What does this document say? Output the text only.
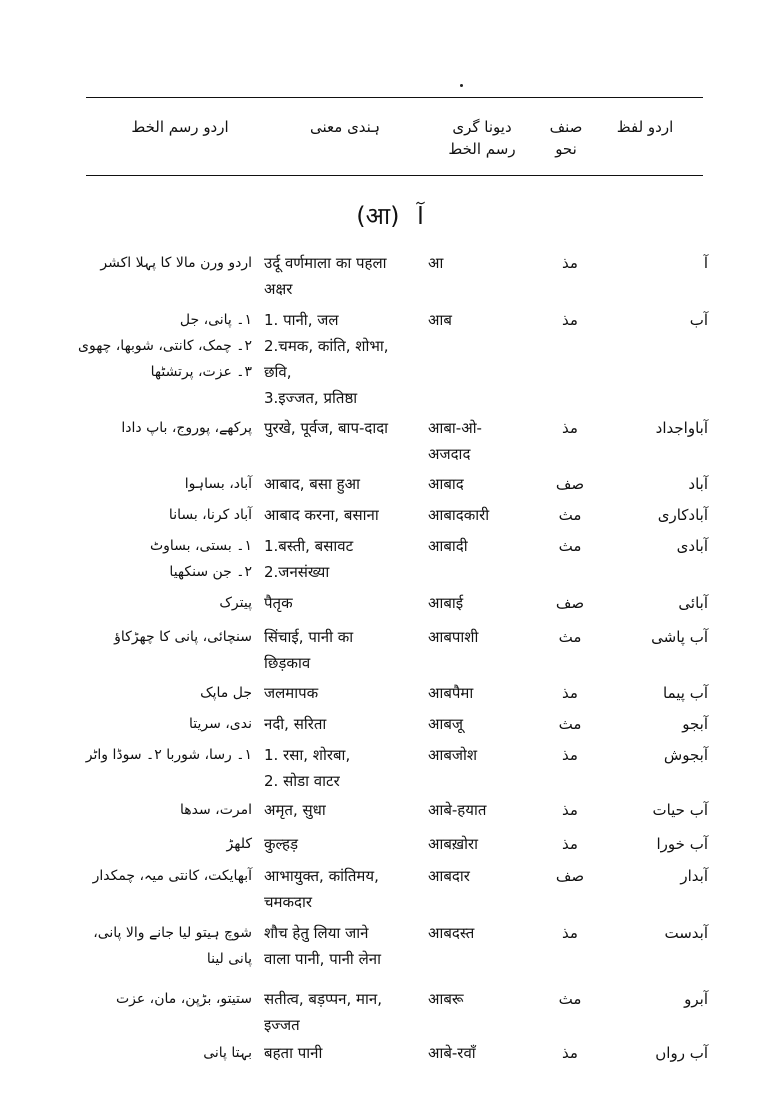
اردو لفظ
صنف
نحو
دیونا گری
رسم الخط
ہندی معنی
اردو رسم الخط
(आ) آ
آ
مذ
आ
उर्दू वर्णमाला का पहला
अक्षर
اردو ورن مالا کا پہلا اکشر
آب
مذ
आब
1. पानी, जल
2.चमक, कांति, शोभा,
छवि,
3.इज्जत, प्रतिष्ठा
۱۔ پانی، جل
۲۔ چمک، کانتی، شوبھا، چھوی
۳۔ عزت، پرتشٹھا
آباواجداد
مذ
आबा-ओ-
अजदाद
पुरखे, पूर्वज, बाप-दादा
پرکھے، پوروج، باپ دادا
آباد
صف
आबाद
आबाद, बसा हुआ
آباد، بساہوا
آبادکاری
مث
आबादकारी
आबाद करना, बसाना
آباد کرنا، بسانا
آبادی
مث
आबादी
1.बस्ती, बसावट
2.जनसंख्या
۱۔ بستی، بساوٹ
۲۔ جن سنکھیا
آبائی
صف
आबाई
पैतृक
پیترک
آب پاشی
مث
आबपाशी
सिंचाई, पानी का
छिड़काव
سنچائی، پانی کا چھڑکاؤ
آب پیما
مذ
आबपैमा
जलमापक
جل ماپک
آبجو
مث
आबजू
नदी, सरिता
ندی، سریتا
آبجوش
مذ
आबजोश
1. रसा, शोरबा,
2. सोडा वाटर
۱۔ رسا، شوربا ۲۔ سوڈا واٹر
آب حیات
مذ
आबे-हयात
अमृत, सुधा
امرت، سدھا
آب خورا
مذ
आबख़ोरा
कुल्हड़
کلھڑ
آبدار
صف
आबदार
आभायुक्त, कांतिमय,
चमकदार
آبھایکت، کانتی میہ، چمکدار
آبدست
مذ
आबदस्त
शौच हेतु लिया जाने
वाला पानी, पानी लेना
شوچ ہیتو لیا جانے والا پانی،
پانی لینا
آبرو
مث
आबरू
सतीत्व, बड़प्पन, मान,
इज्जत
ستیتو، بڑپن، مان، عزت
آب رواں
مذ
आबे-रवाँ
बहता पानी
بہتا پانی
